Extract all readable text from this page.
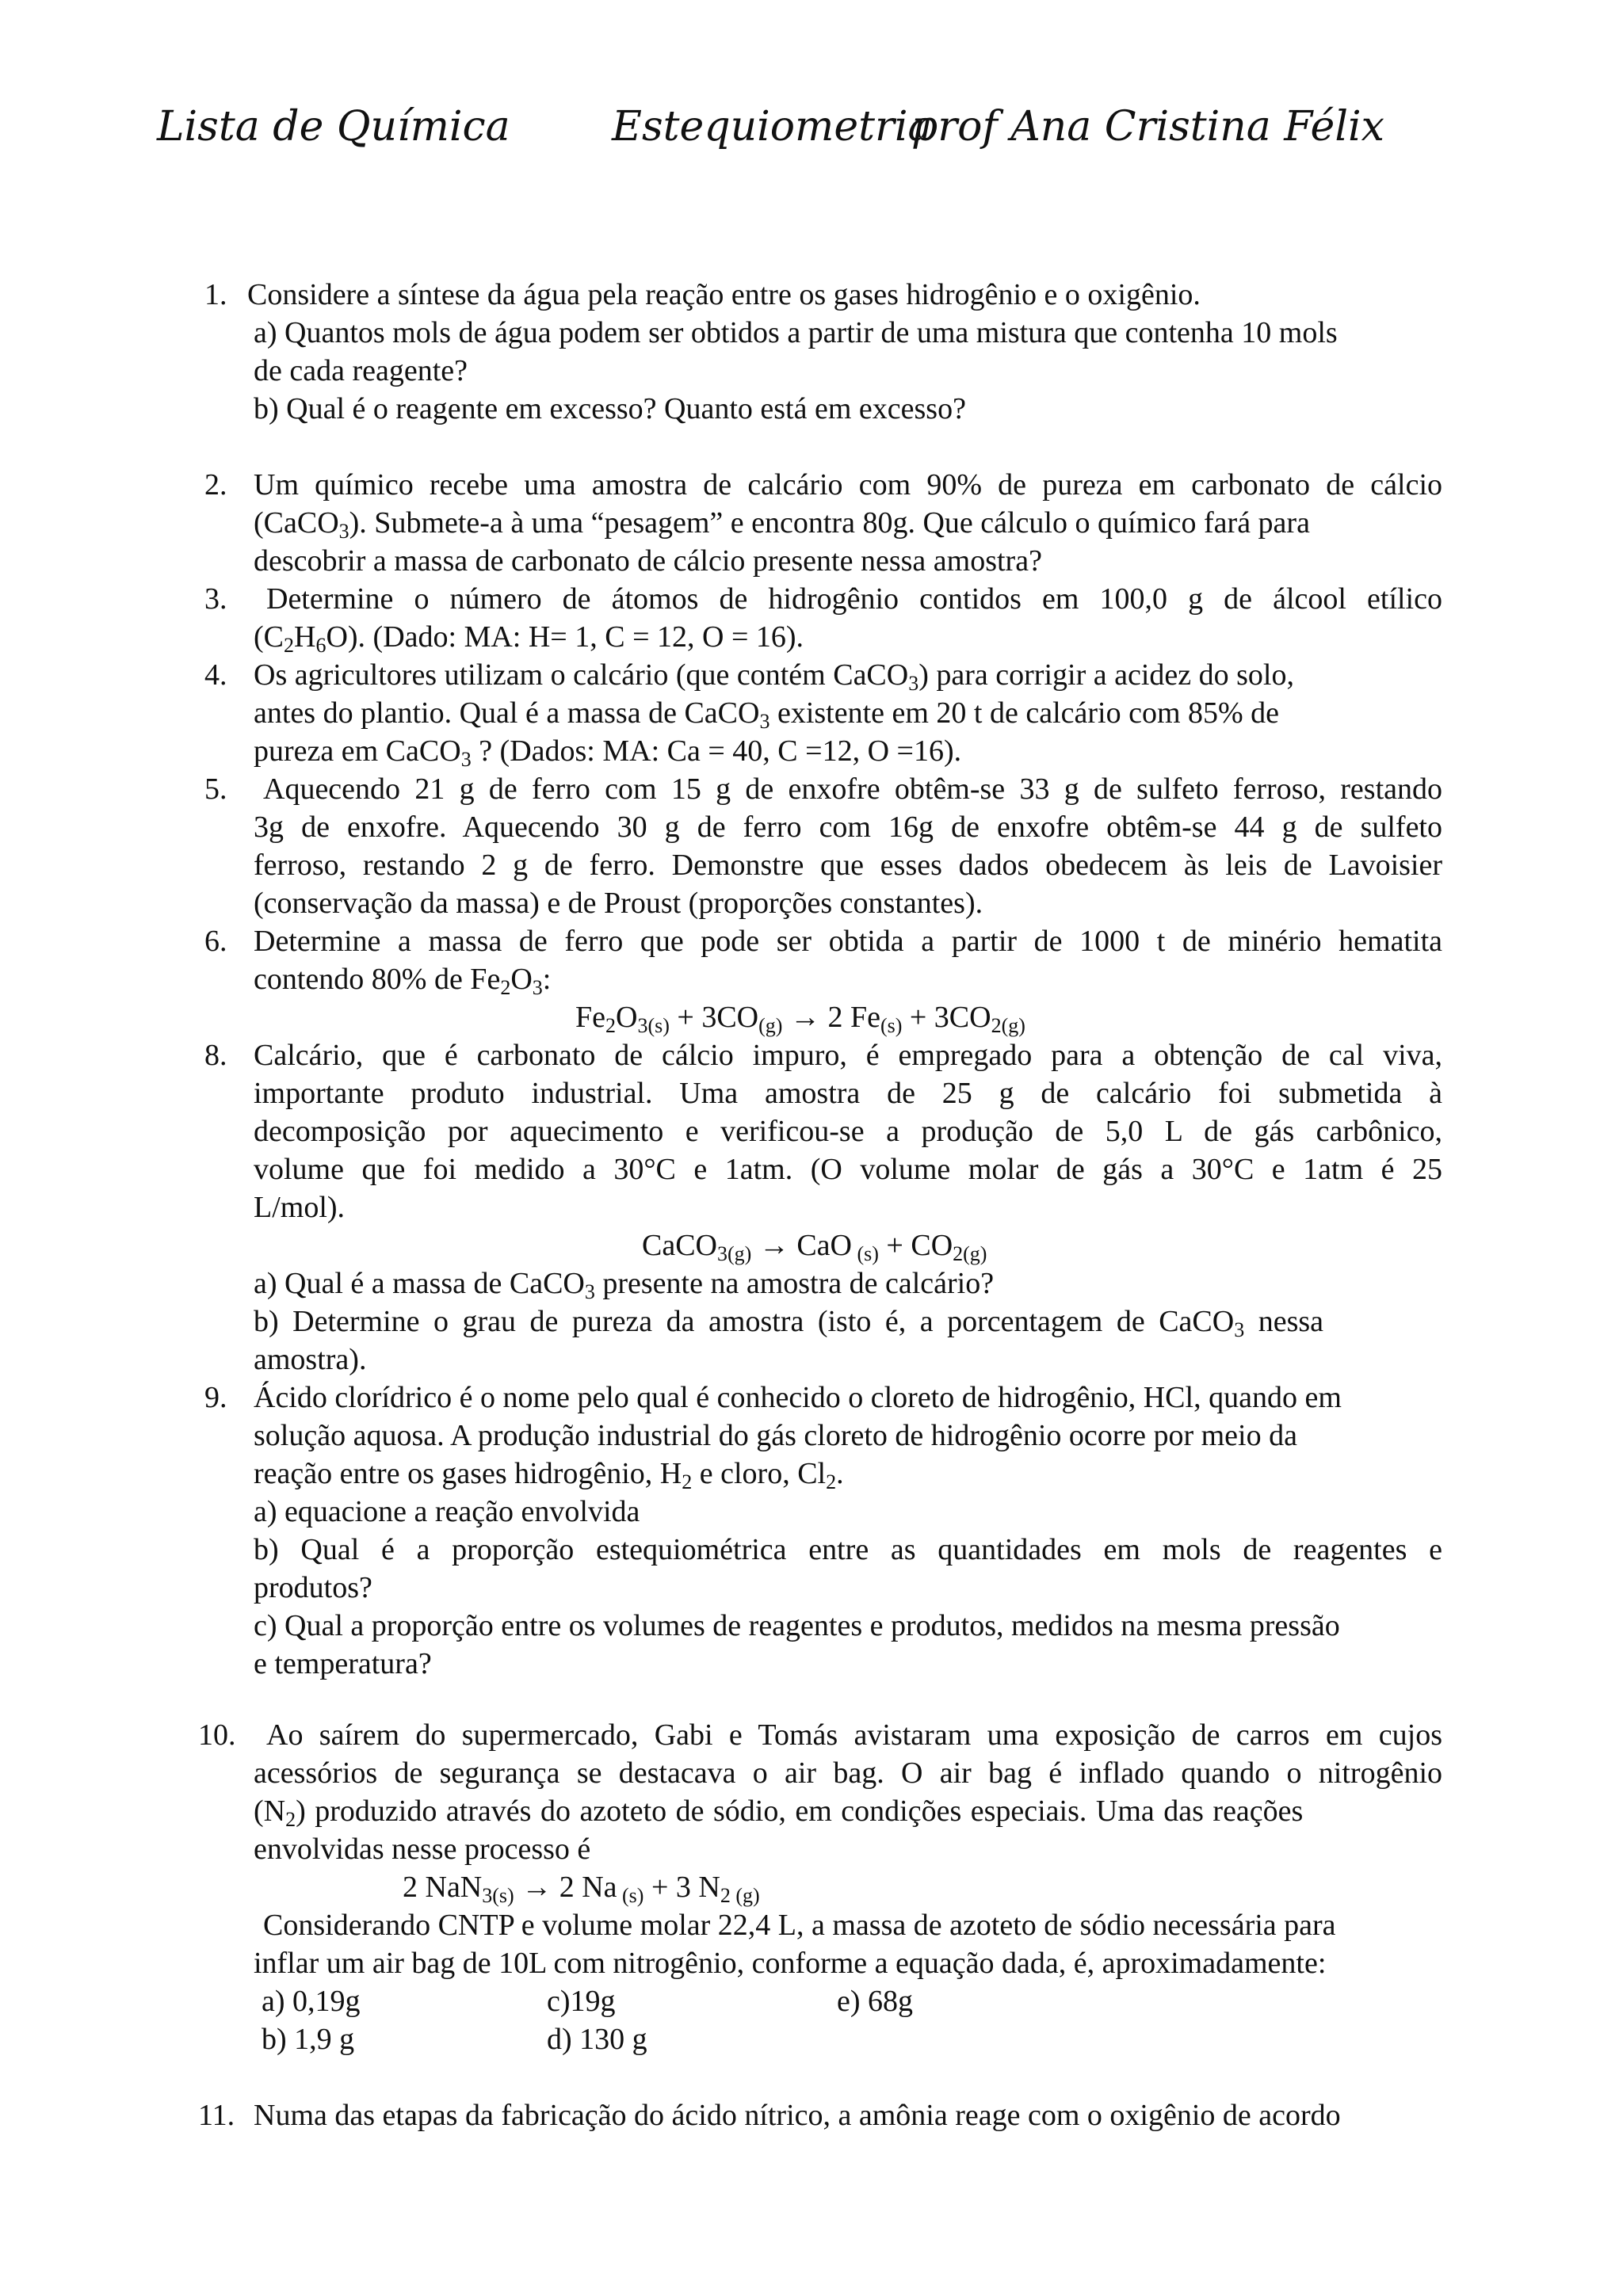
Lista de Química Estequiometria
prof Ana Cristina Félix
1. Considere a síntese da água pela reação entre os gases hidrogênio e o oxigênio.
a) Quantos mols de água podem ser obtidos a partir de uma mistura que contenha 10 mols
de cada reagente?
b) Qual é o reagente em excesso? Quanto está em excesso?
2. Um químico recebe uma amostra de calcário com 90% de pureza em carbonato de cálcio
(CaCO$_3$). Submete-a à uma “pesagem” e encontra 80g. Que cálculo o químico fará para
descobrir a massa de carbonato de cálcio presente nessa amostra?
3. Determine o número de átomos de hidrogênio contidos em 100,0 g de álcool etílico
$(C_2H_6O)$. (Dado: MA: H= 1, C = 12, O = 16).
4. Os agricultores utilizam o calcário (que contém CaCO$_3$) para corrigir a acidez do solo,
antes do plantio. Qual é a massa de CaCO$_3$ existente em 20 t de calcário com 85% de
pureza em CaCO$_3$ ? (Dados: MA: Ca = 40, C =12, O =16).
5. Aquecendo 21 g de ferro com 15 g de enxofre obtêm-se 33 g de sulfeto ferroso, restando
3g de enxofre. Aquecendo 30 g de ferro com 16g de enxofre obtêm-se 44 g de sulfeto
ferroso, restando 2 g de ferro. Demonstre que esses dados obedecem às leis de Lavoisier
(conservação da massa) e de Proust (proporções constantes).
6. Determine a massa de ferro que pode ser obtida a partir de 1000 t de minério hematita
contendo 80% de $Fe_2O_3$:
$Fe_2O_{3(s)} + 3CO_{(g)} \to 2$ $Fe_{(s)} + 3CO_{2(g)}$
8. Calcário, que é carbonato de cálcio impuro, é empregado para a obtenção de cal viva,
importante produto industrial. Uma amostra de 25 g de calcário foi submetida à
decomposição por aquecimento e verificou-se a produção de 5,0 L de gás carbônico,
volume que foi medido a 30°C e 1atm. (O volume molar de gás a 30°C e 1atm é 25
L/mol).
CaCO$_{3(g)}$ → CaO $_{(s)} + CO_{2(g)}$
a) Qual é a massa de CaCO$_3$ presente na amostra de calcário?
b) Determine o grau de pureza da amostra (isto é, a porcentagem de CaCO$_3$ nessa
amostra).
9. Ácido clorídrico é o nome pelo qual é conhecido o cloreto de hidrogênio, HCl, quando em
solução aquosa. A produção industrial do gás cloreto de hidrogênio ocorre por meio da
reação entre os gases hidrogênio, $H_2$ e cloro, $Cl_2$.
a) equacione a reação envolvida
b) Qual é a proporção estequiométrica entre as quantidades em mols de reagentes e
produtos?
c) Qual a proporção entre os volumes de reagentes e produtos, medidos na mesma pressão
e temperatura?
10. Ao saírem do supermercado, Gabi e Tomás avistaram uma exposição de carros em cujos
acessórios de segurança se destacava o air bag. O air bag é inflado quando o nitrogênio
$(N_2)$ produzido através do azoteto de sódio, em condições especiais. Uma das reações
envolvidas nesse processo é
2 NaN$_{3(s)}$ → 2 Na $_{(s)}$ + 3 $N_{2 (g)}$
Considerando CNTP e volume molar 22,4 L, a massa de azoteto de sódio necessária para
inflar um air bag de 10L com nitrogênio, conforme a equação dada, é, aproximadamente:
a) 0,19g	c)19g	e) 68g
b) 1,9 g	d) 130 g
11. Numa das etapas da fabricação do ácido nítrico, a amônia reage com o oxigênio de acordo
